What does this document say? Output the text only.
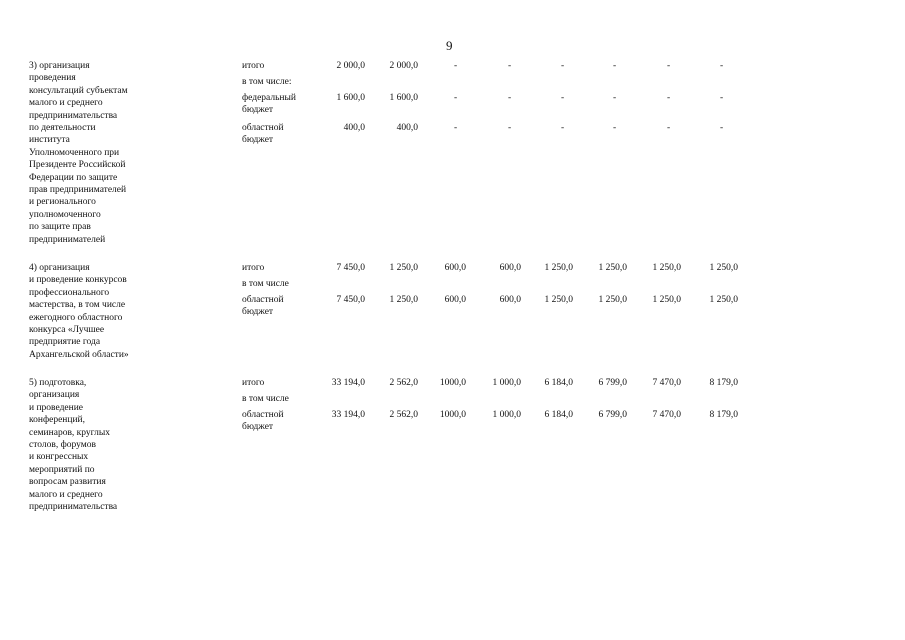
9
3) организация
проведения
консультаций субъектам
малого и среднего
предпринимательства
по деятельности
института
Уполномоченного при
Президенте Российской
Федерации по защите
прав предпринимателей
и регионального
уполномоченного
по защите прав
предпринимателей
итого	2 000,0	2 000,0	-	-	-	-	-	-
в том числе:
федеральный
бюджет
1 600,0	1 600,0	-	-	-	-	-	-
областной
бюджет
400,0	400,0	-	-	-	-	-	-
4) организация
и проведение конкурсов
профессионального
мастерства, в том числе
ежегодного областного
конкурса «Лучшее
предприятие года
Архангельской области»
итого	7 450,0	1 250,0	600,0	600,0	1 250,0	1 250,0	1 250,0	1 250,0
в том числе
областной
бюджет
7 450,0	1 250,0	600,0	600,0	1 250,0	1 250,0	1 250,0	1 250,0
5) подготовка,
организация
и проведение
конференций,
семинаров, круглых
столов, форумов
и конгрессных
мероприятий по
вопросам развития
малого и среднего
предпринимательства
итого	33 194,0	2 562,0	1000,0	1 000,0	6 184,0	6 799,0	7 470,0	8 179,0
в том числе
областной
бюджет
33 194,0	2 562,0	1000,0	1 000,0	6 184,0	6 799,0	7 470,0	8 179,0
